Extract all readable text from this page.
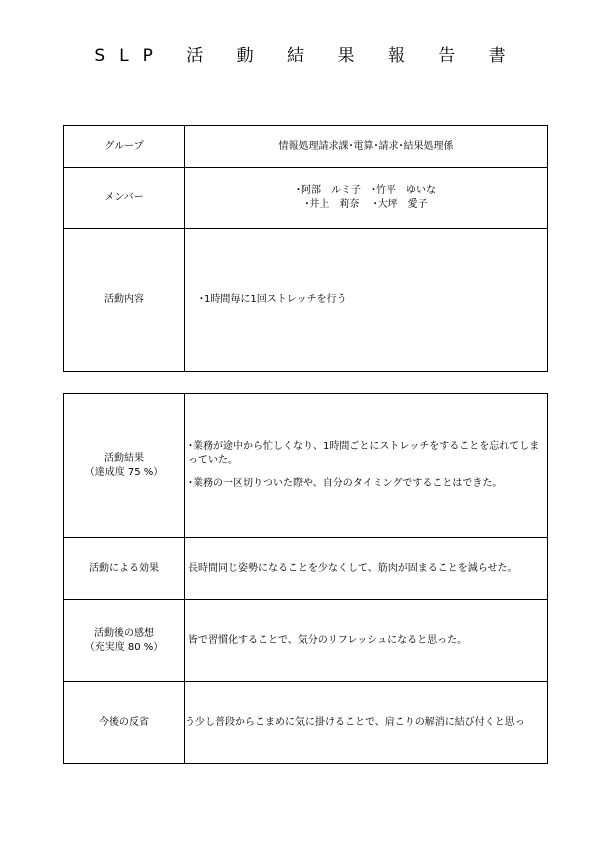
SLP 活 動 結 果 報 告 書
グループ	情報処理請求課･電算･請求･結果処理係
メンバー	･阿部　ルミ子　･竹平　ゆいな
･井上　莉奈　 ･大坪　愛子

活動内容	･1時間毎に1回ストレッチを行う
活動結果
（達成度 75 %）	･業務が途中から忙しくなり、1時間ごとにストレッチをすることを忘れてしまっていた。
･業務の一区切りついた際や、自分のタイミングですることはできた。

活動による効果	長時間同じ姿勢になることを少なくして、筋肉が固まることを減らせた。

活動後の感想
（充実度 80 %）	皆で習慣化することで、気分のリフレッシュになると思った。
今後の反省	う少し普段からこまめに気に掛けることで、肩こりの解消に結び付くと思っ
